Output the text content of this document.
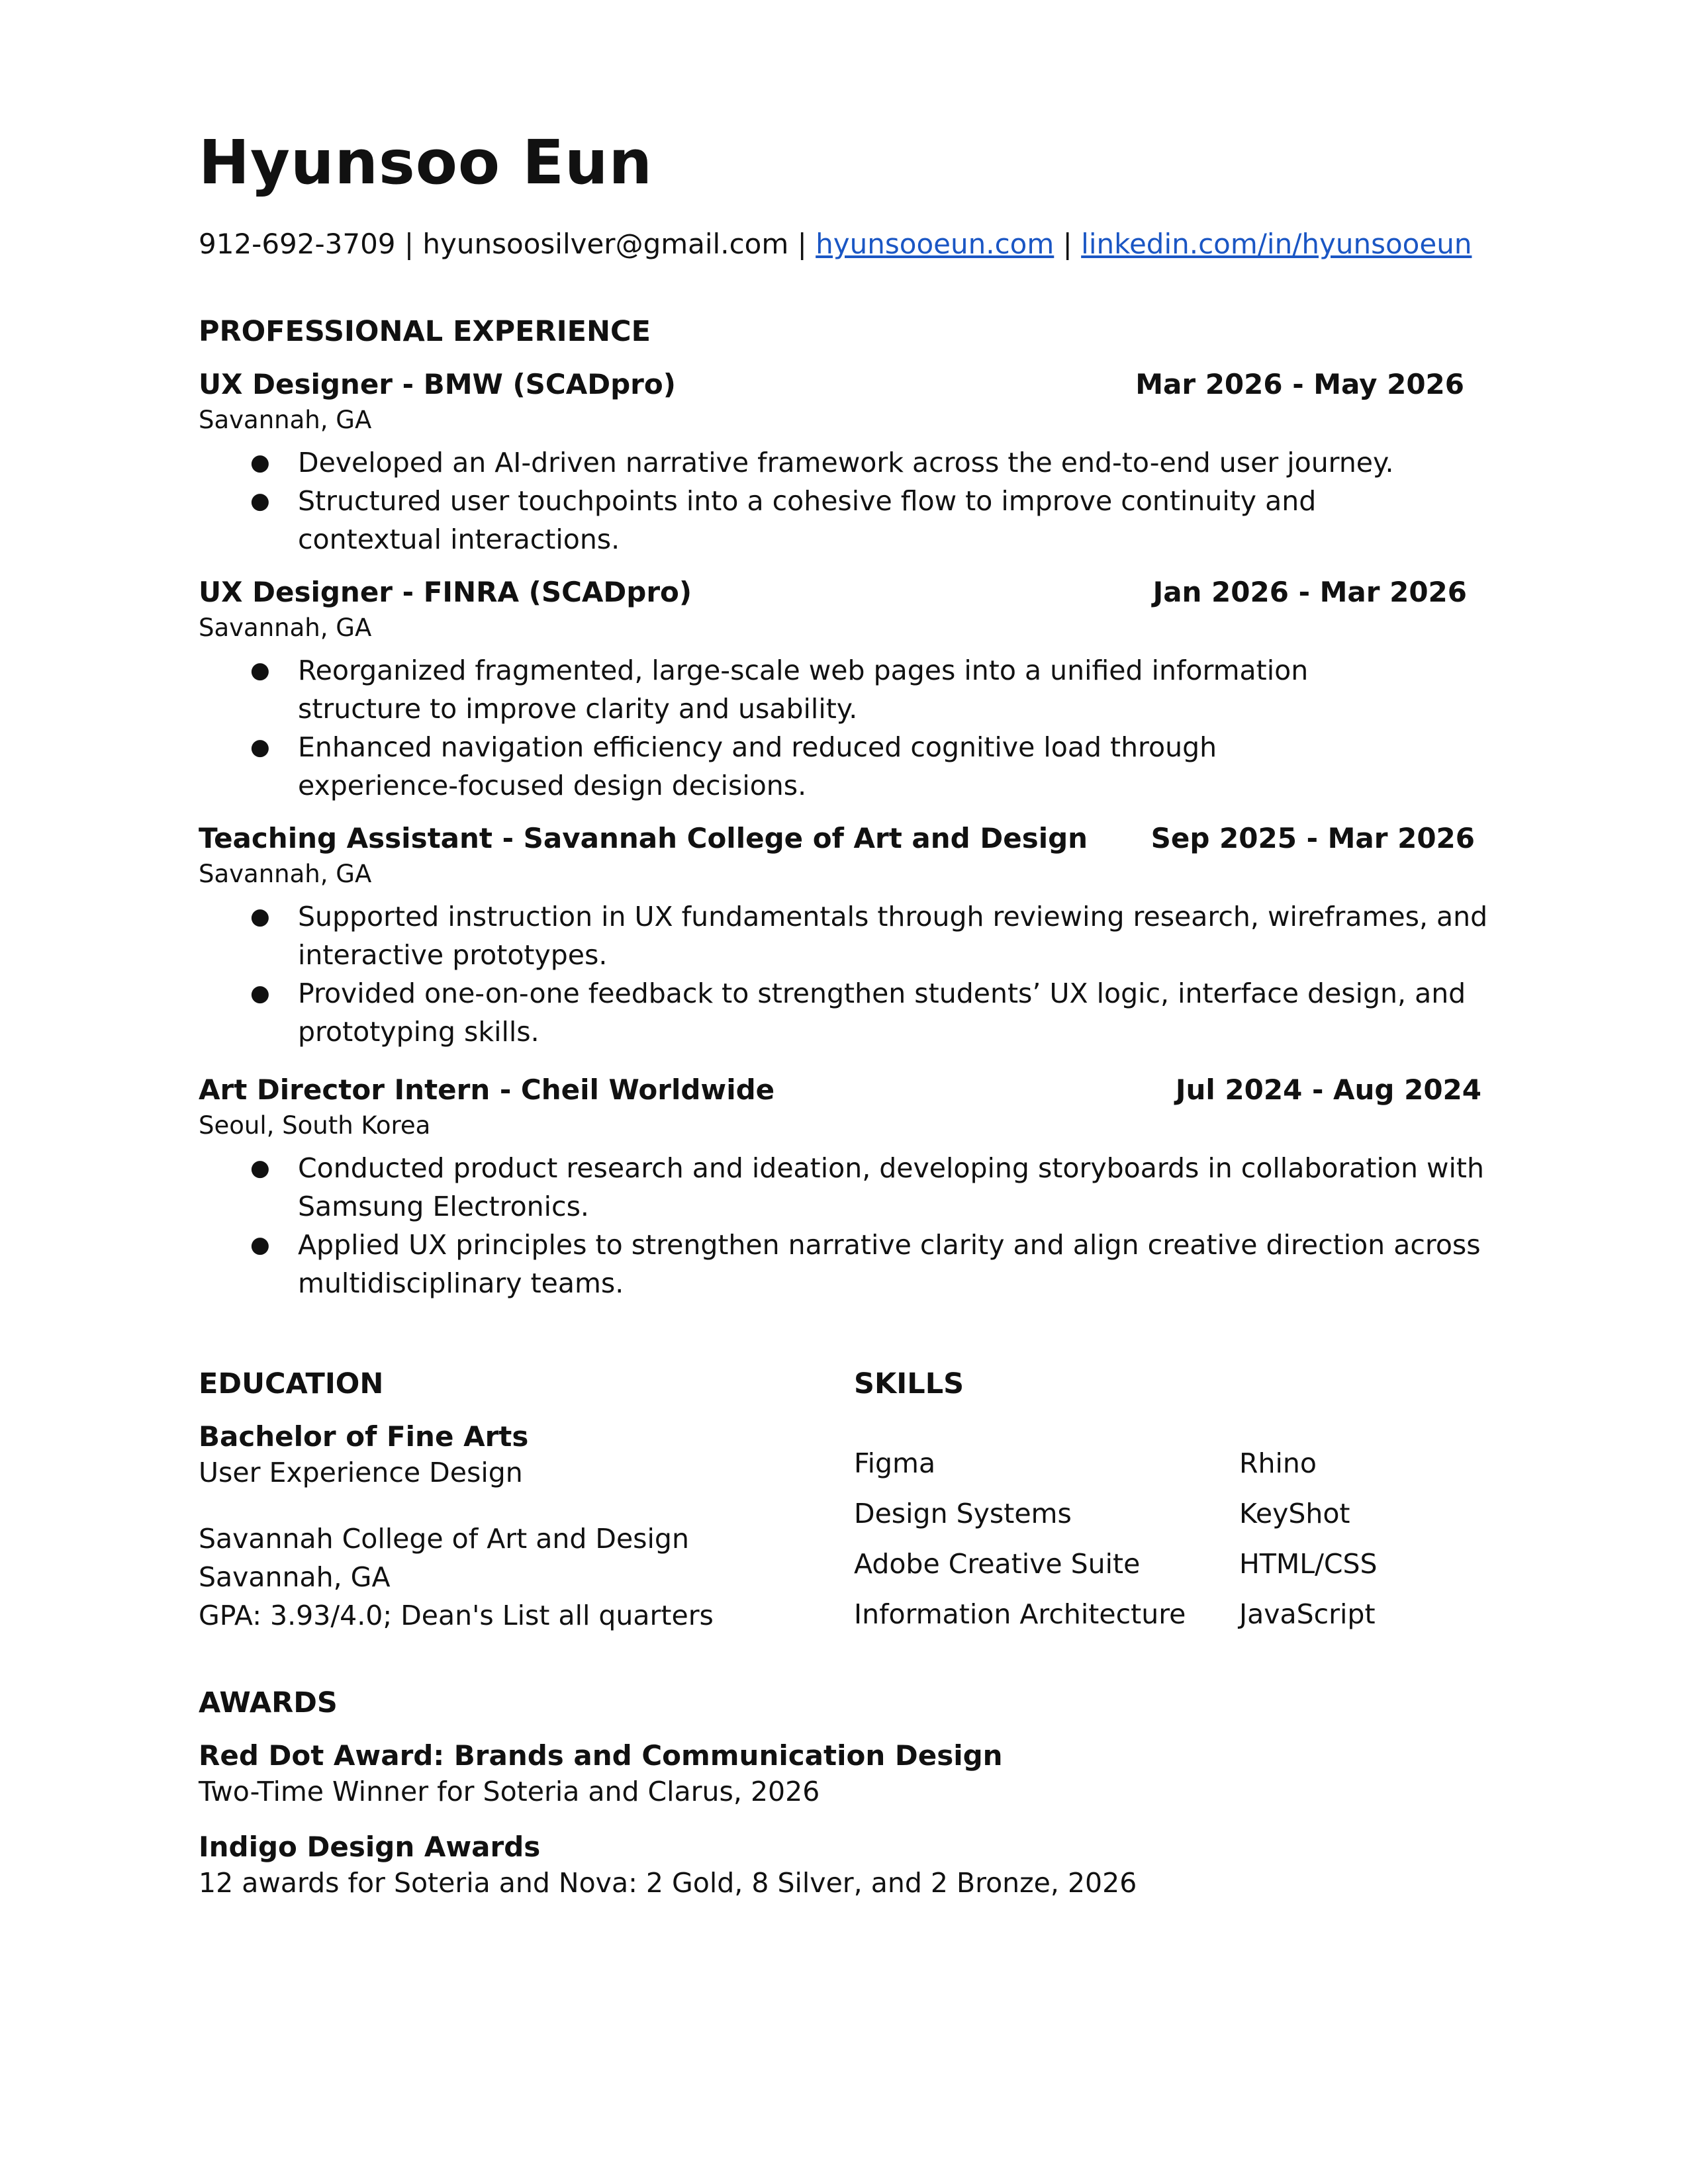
Hyunsoo Eun
912-692-3709 | hyunsoosilver@gmail.com | hyunsooeun.com | linkedin.com/in/hyunsooeun
PROFESSIONAL EXPERIENCE
UX Designer - BMW (SCADpro)	Mar 2026 - May 2026
Savannah, GA
● Developed an AI-driven narrative framework across the end-to-end user journey.
● Structured user touchpoints into a cohesive flow to improve continuity and contextual interactions.
UX Designer - FINRA (SCADpro)	Jan 2026 - Mar 2026
Savannah, GA
● Reorganized fragmented, large-scale web pages into a unified information structure to improve clarity and usability.
● Enhanced navigation efficiency and reduced cognitive load through experience-focused design decisions.
Teaching Assistant - Savannah College of Art and Design Sep 2025 - Mar 2026
Savannah, GA
● Supported instruction in UX fundamentals through reviewing research, wireframes, and interactive prototypes.
● Provided one-on-one feedback to strengthen students’ UX logic, interface design, and prototyping skills.
Art Director Intern - Cheil Worldwide	Jul 2024 - Aug 2024
Seoul, South Korea
● Conducted product research and ideation, developing storyboards in collaboration with Samsung Electronics.
● Applied UX principles to strengthen narrative clarity and align creative direction across multidisciplinary teams.
EDUCATION
Bachelor of Fine Arts
User Experience Design
Savannah College of Art and Design
Savannah, GA
GPA: 3.93/4.0; Dean's List all quarters
SKILLS
Figma	Rhino
Design Systems	KeyShot
Adobe Creative Suite	HTML/CSS
Information Architecture	JavaScript
AWARDS
Red Dot Award: Brands and Communication Design
Two-Time Winner for Soteria and Clarus, 2026
Indigo Design Awards
12 awards for Soteria and Nova: 2 Gold, 8 Silver, and 2 Bronze, 2026
